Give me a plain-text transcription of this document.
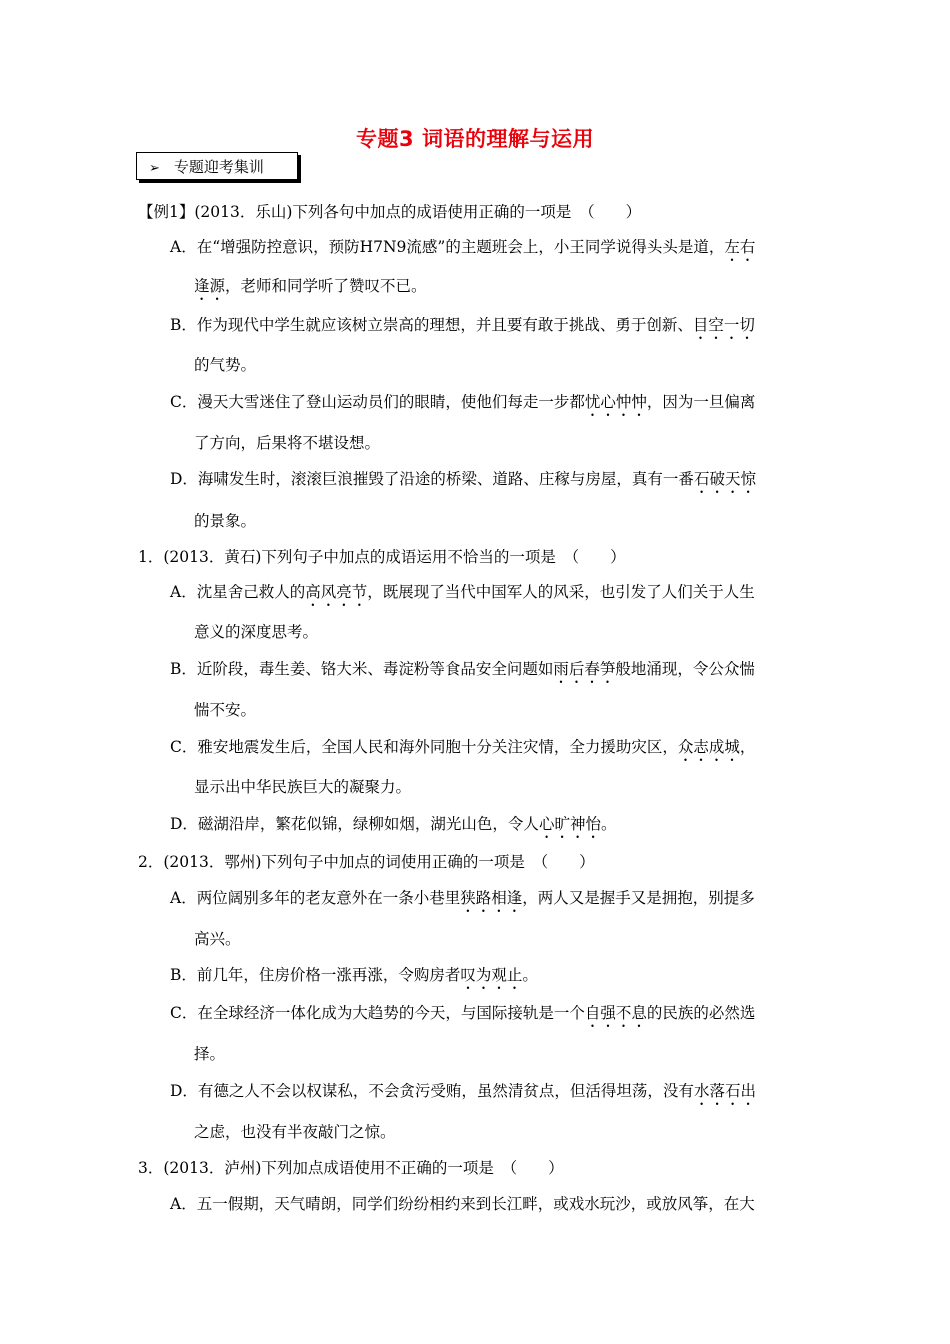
专题3 词语的理解与运用
➢ 专题迎考集训
【例1】(2013．乐山)下列各句中加点的成语使用正确的一项是　（　　）
A．在“增强防控意识，预防H7N9流感”的主题班会上，小王同学说得头头是道，左右
逢源，老师和同学听了赞叹不已。
B．作为现代中学生就应该树立崇高的理想，并且要有敢于挑战、勇于创新、目空一切
的气势。
C．漫天大雪迷住了登山运动员们的眼睛，使他们每走一步都忧心忡忡，因为一旦偏离
了方向，后果将不堪设想。
D．海啸发生时，滚滚巨浪摧毁了沿途的桥梁、道路、庄稼与房屋，真有一番石破天惊
的景象。
1．(2013．黄石)下列句子中加点的成语运用不恰当的一项是　（　　）
A．沈星舍己救人的高风亮节，既展现了当代中国军人的风采，也引发了人们关于人生
意义的深度思考。
B．近阶段，毒生姜、铬大米、毒淀粉等食品安全问题如雨后春笋般地涌现，令公众惴
惴不安。
C．雅安地震发生后，全国人民和海外同胞十分关注灾情，全力援助灾区，众志成城，
显示出中华民族巨大的凝聚力。
D．磁湖沿岸，繁花似锦，绿柳如烟，湖光山色，令人心旷神怡。
2．(2013．鄂州)下列句子中加点的词使用正确的一项是　（　　）
A．两位阔别多年的老友意外在一条小巷里狭路相逢，两人又是握手又是拥抱，别提多
高兴。
B．前几年，住房价格一涨再涨，令购房者叹为观止。
C．在全球经济一体化成为大趋势的今天，与国际接轨是一个自强不息的民族的必然选
择。
D．有德之人不会以权谋私，不会贪污受贿，虽然清贫点，但活得坦荡，没有水落石出
之虑，也没有半夜敲门之惊。
3．(2013．泸州)下列加点成语使用不正确的一项是　（　　）
A．五一假期，天气晴朗，同学们纷纷相约来到长江畔，或戏水玩沙，或放风筝，在大
